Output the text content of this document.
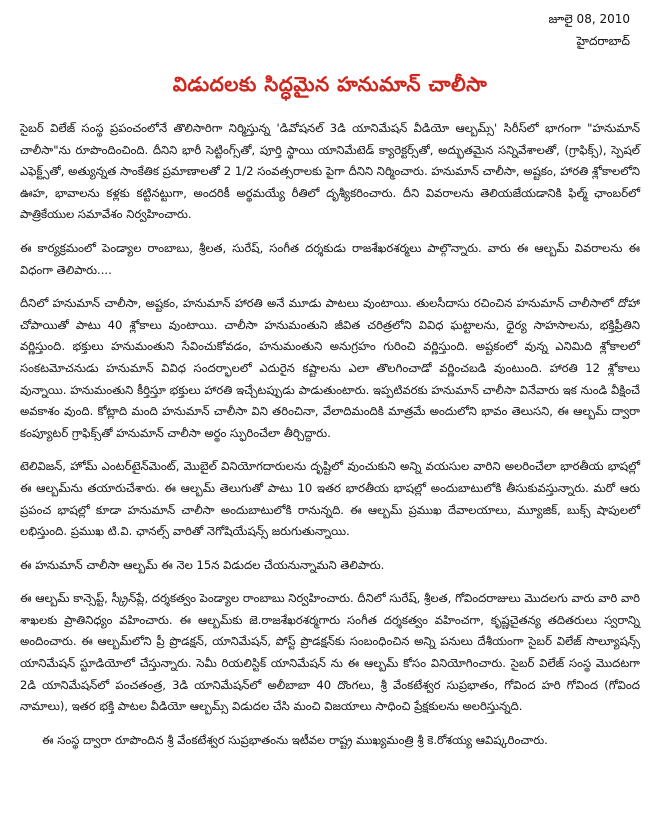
జూలై 08, 2010
హైదరాబాద్
విడుదలకు సిద్ధమైన హనుమాన్ చాలీసా

సైబర్ విలేజ్ సంస్థ ప్రపంచంలోనే తొలిసారిగా నిర్మిస్తున్న 'డివోషనల్ 3డి యానిమేషన్ వీడియో ఆల్బమ్స్' సిరీస్‌లో భాగంగా "హనుమాన్ చాలీసా"ను రూపొందించింది. దీనిని భారీ సెట్టింగ్స్‌తో, పూర్తి స్థాయి యానిమేటెడ్ క్యారెక్టర్స్‌తో, అద్భుతమైన సన్నివేశాలతో, (గ్రాఫిక్స్), స్పెషల్ ఎఫెక్ట్స్‌తో, అత్యున్నత సాంకేతిక ప్రమాణాలతో 2 1/2 సంవత్సరాలకు పైగా దీనిని నిర్మించారు. హనుమాన్ చాలీసా, అష్టకం, హారతి శ్లోకాలలోని ఊహ, భావాలను కళ్లకు కట్టినట్టుగా, అందరికీ అర్థమయ్యే రీతిలో దృశ్యీకరించారు. దీని వివరాలను తెలియజేయడానికి ఫిల్మ్ ఛాంబర్‌లో పాత్రికేయుల సమావేశం నిర్వహించారు.

ఈ కార్యక్రమంలో పెండ్యాల రాంబాబు, శ్రీలత, సురేష్, సంగీత దర్శకుడు రాజశేఖరశర్మలు పాల్గొన్నారు. వారు ఈ ఆల్బమ్ వివరాలను ఈ విధంగా తెలిపారు....

దీనిలో హనుమాన్ చాలీసా, అష్టకం, హనుమాన్ హారతి అనే మూడు పాటలు వుంటాయి. తులసీదాసు రచించిన హనుమాన్ చాలీసాలో దోహా చోపాయితో పాటు 40 శ్లోకాలు వుంటాయి. చాలీసా హనుమంతుని జీవిత చరిత్రలోని వివిధ ఘట్టాలను, ధైర్య సాహసాలను, భక్తిప్రీతిని వర్ణిస్తుంది. భక్తులు హనుమంతుని సేవించుకోవడం, హనుమంతుని అనుగ్రహం గురించి వర్ణిస్తుంది. అష్టకంలో వున్న ఎనిమిది శ్లోకాలలో సంకటమోచనుడు హనుమాన్ వివిధ సందర్భాలలో ఎదురైన కష్టాలను ఎలా తొలగించాడో వర్ణించబడి వుంటుంది. హారతి 12 శ్లోకాలు వున్నాయి. హనుమంతుని కీర్తిస్తూ భక్తులు హారతి ఇచ్చేటప్పుడు పాడుతుంటారు. ఇప్పటివరకు హనుమాన్ చాలీసా వినేవారు ఇక నుండి వీక్షించే అవకాశం వుంది. కోట్లాది మంది హనుమాన్ చాలీసా విని తరించినా, వేలాదిమందికి మాత్రమే అందులోని భావం తెలుసని, ఈ ఆల్బమ్ ద్వారా కంప్యూటర్ గ్రాఫిక్స్‌తో హనుమాన్ చాలీసా అర్థం స్ఫురించేలా తీర్చిద్దారు.

టెలివిజన్, హోమ్ ఎంటర్‌టైన్‌మెంట్, మొబైల్ వినియోగదారులను దృష్టిలో వుంచుకుని అన్ని వయసుల వారిని అలరించేలా భారతీయ భాషల్లో ఈ ఆల్బమ్‌ను తయారుచేశారు. ఈ ఆల్బమ్ తెలుగుతో పాటు 10 ఇతర భారతీయ భాషల్లో అందుబాటులోకి తీసుకువస్తున్నారు. మరో ఆరు ప్రపంచ భాషల్లో కూడా హనుమాన్ చాలీసా అందుబాటులోకి రానున్నది. ఈ ఆల్బమ్ ప్రముఖ దేవాలయాలు, మ్యూజిక్, బుక్స్ షాపులలో లభిస్తుంది. ప్రముఖ టి.వి. ఛానల్స్ వారితో నెగోషియేషన్స్ జరుగుతున్నాయి.

ఈ హనుమాన్ చాలీసా ఆల్బమ్ ఈ నెల 15న విడుదల చేయనున్నామని తెలిపారు.

ఈ ఆల్బమ్ కాన్సెప్ట్, స్క్రీన్‌ప్లే, దర్శకత్వం పెండ్యాల రాంబాబు నిర్వహించారు. దీనిలో సురేష్, శ్రీలత, గోవిందరాజులు మొదలగు వారు వారి వారి శాఖలకు ప్రాతినిధ్యం వహించారు. ఈ ఆల్బమ్‌కు జె.రాజశేఖరశర్మగారు సంగీత దర్శకత్వం వహించగా, కృష్ణచైతన్య తదితరులు స్వరాన్ని అందించారు. ఈ ఆల్బమ్‌లోని ప్రీ ప్రొడక్షన్, యానిమేషన్, పోస్ట్ ప్రొడక్షన్‌కు సంబంధించిన అన్ని పనులు దేశీయంగా సైబర్ విలేజ్ సొల్యూషన్స్ యానిమేషన్ స్టూడియోలో చేస్తున్నారు. సెమీ రియలిస్టిక్ యానిమేషన్ ను ఈ ఆల్బమ్ కోసం వినియోగించారు. సైబర్ విలేజ్ సంస్థ మొదటగా 2డి యానిమేషన్‌లో పంచతంత్ర, 3డి యానిమేషన్‌లో అలీబాబా 40 దొంగలు, శ్రీ వేంకటేశ్వర సుప్రభాతం, గోవింద హరి గోవింద (గోవింద నామాలు), ఇతర భక్తి పాటల వీడియో ఆల్బమ్స్ విడుదల చేసి మంచి విజయాలు సాధించి ప్రేక్షకులను అలరిస్తున్నది.

ఈ సంస్థ ద్వారా రూపొందిన శ్రీ వేంకటేశ్వర సుప్రభాతంను ఇటీవల రాష్ట్ర ముఖ్యమంత్రి శ్రీ కె.రోశయ్య ఆవిష్కరించారు.
